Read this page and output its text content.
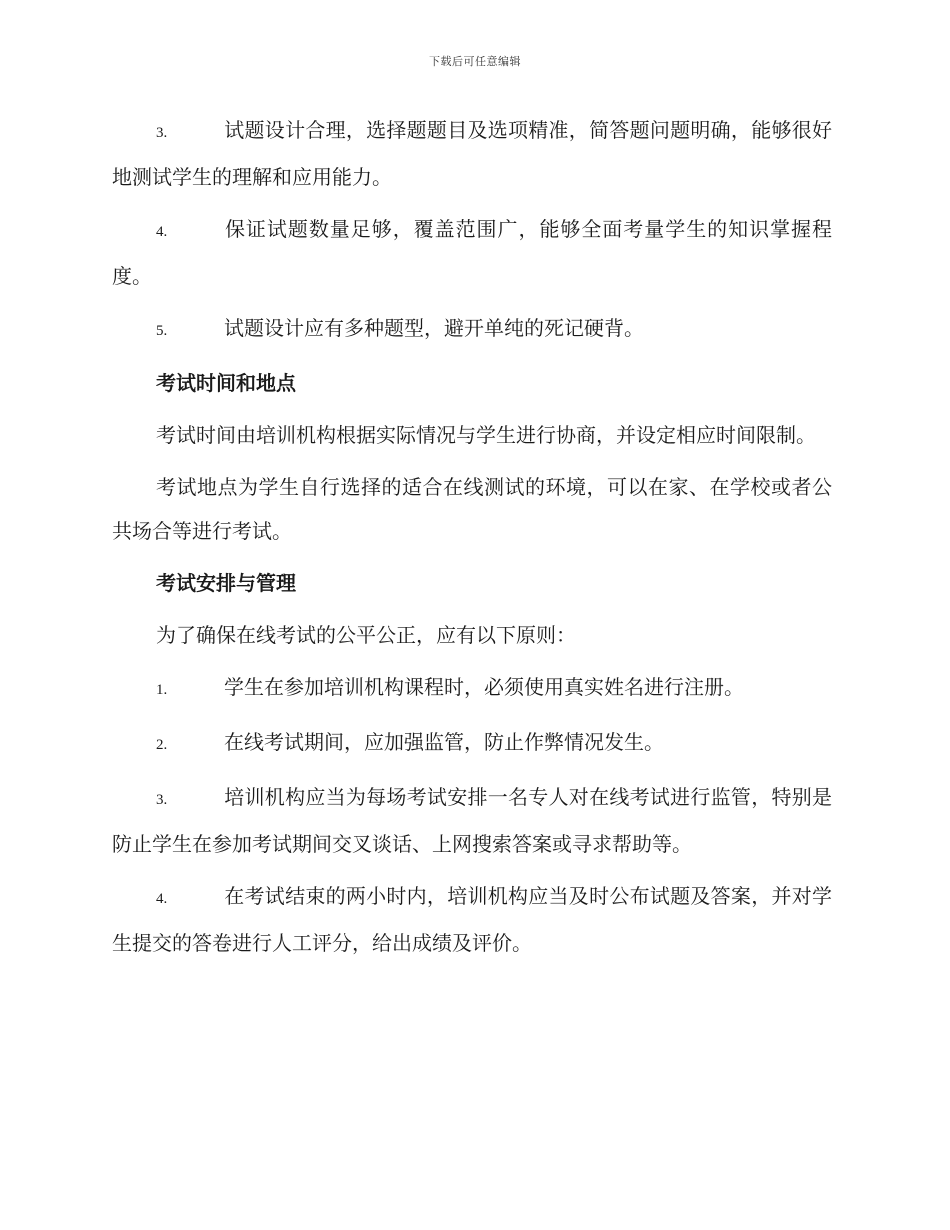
下载后可任意编辑

3.	试题设计合理，选择题题目及选项精准，简答题问题明确，能够很好地测试学生的理解和应用能力。

4.	保证试题数量足够，覆盖范围广，能够全面考量学生的知识掌握程度。

5.	试题设计应有多种题型，避开单纯的死记硬背。

考试时间和地点

考试时间由培训机构根据实际情况与学生进行协商，并设定相应时间限制。

考试地点为学生自行选择的适合在线测试的环境，可以在家、在学校或者公共场合等进行考试。

考试安排与管理

为了确保在线考试的公平公正，应有以下原则：

1.	学生在参加培训机构课程时，必须使用真实姓名进行注册。

2.	在线考试期间，应加强监管，防止作弊情况发生。

3.	培训机构应当为每场考试安排一名专人对在线考试进行监管，特别是防止学生在参加考试期间交叉谈话、上网搜索答案或寻求帮助等。

4.	在考试结束的两小时内，培训机构应当及时公布试题及答案，并对学生提交的答卷进行人工评分，给出成绩及评价。
